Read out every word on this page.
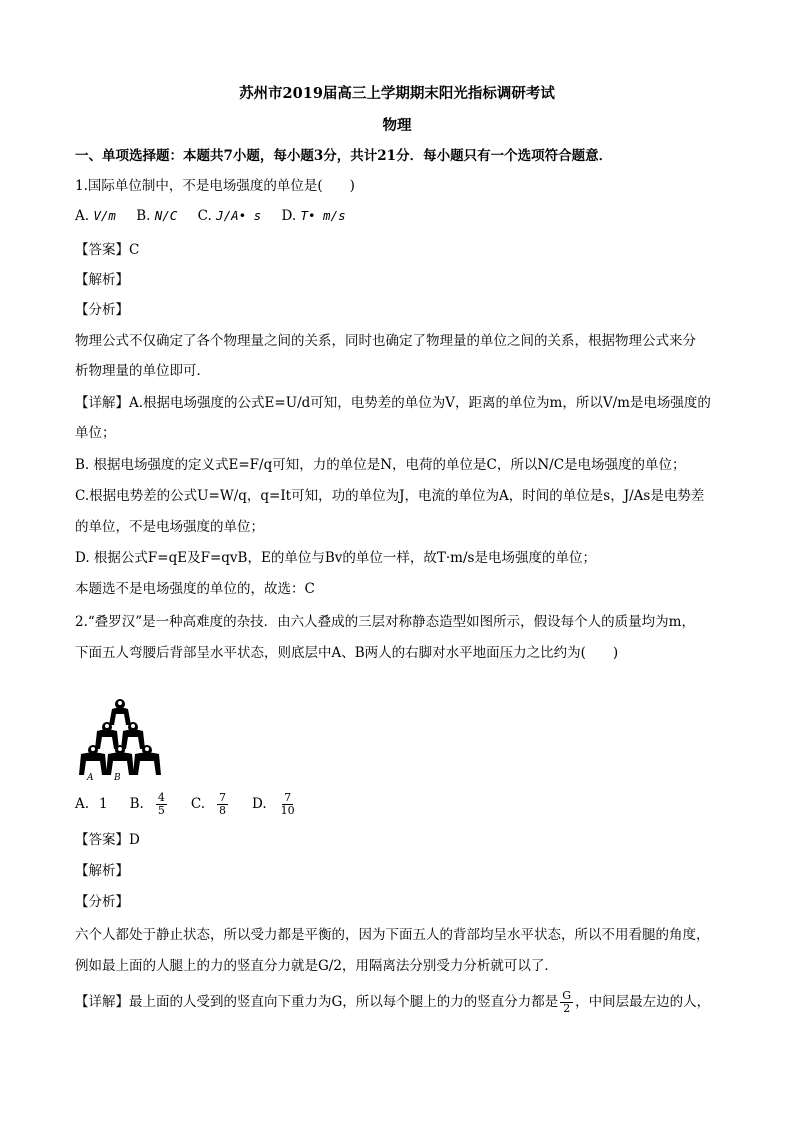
苏州市2019届高三上学期期末阳光指标调研考试
物理
一、单项选择题：本题共7小题，每小题3分，共计21分．每小题只有一个选项符合题意．
1.国际单位制中，不是电场强度的单位是(　　)
A. V/m B. N/C C. J/A• s D. T• m/s
【答案】C
【解析】
【分析】
物理公式不仅确定了各个物理量之间的关系，同时也确定了物理量的单位之间的关系，根据物理公式来分
析物理量的单位即可．
【详解】A.根据电场强度的公式E=U/d可知，电势差的单位为V，距离的单位为m，所以V/m是电场强度的
单位；
B. 根据电场强度的定义式E=F/q可知，力的单位是N，电荷的单位是C，所以N/C是电场强度的单位；
C.根据电势差的公式U=W/q，q=It可知，功的单位为J，电流的单位为A，时间的单位是s，J/As是电势差
的单位，不是电场强度的单位；
D. 根据公式F=qE及F=qvB，E的单位与Bv的单位一样，故T·m/s是电场强度的单位；
本题选不是电场强度的单位的，故选：C
2.“叠罗汉”是一种高难度的杂技．由六人叠成的三层对称静态造型如图所示，假设每个人的质量均为m，
下面五人弯腰后背部呈水平状态，则底层中A、B两人的右脚对水平地面压力之比约为(　　)
A B
A. 1 B. $\frac{4}{5} C$. $\frac{7}{8} D$. $\frac{7}{10}$
【答案】D
【解析】
【分析】
六个人都处于静止状态，所以受力都是平衡的，因为下面五人的背部均呈水平状态，所以不用看腿的角度，
例如最上面的人腿上的力的竖直分力就是G/2，用隔离法分别受力分析就可以了．
【详解】最上面的人受到的竖直向下重力为G，所以每个腿上的力的竖直分力都是 $\frac{G}{2}$ ，中间层最左边的人，
